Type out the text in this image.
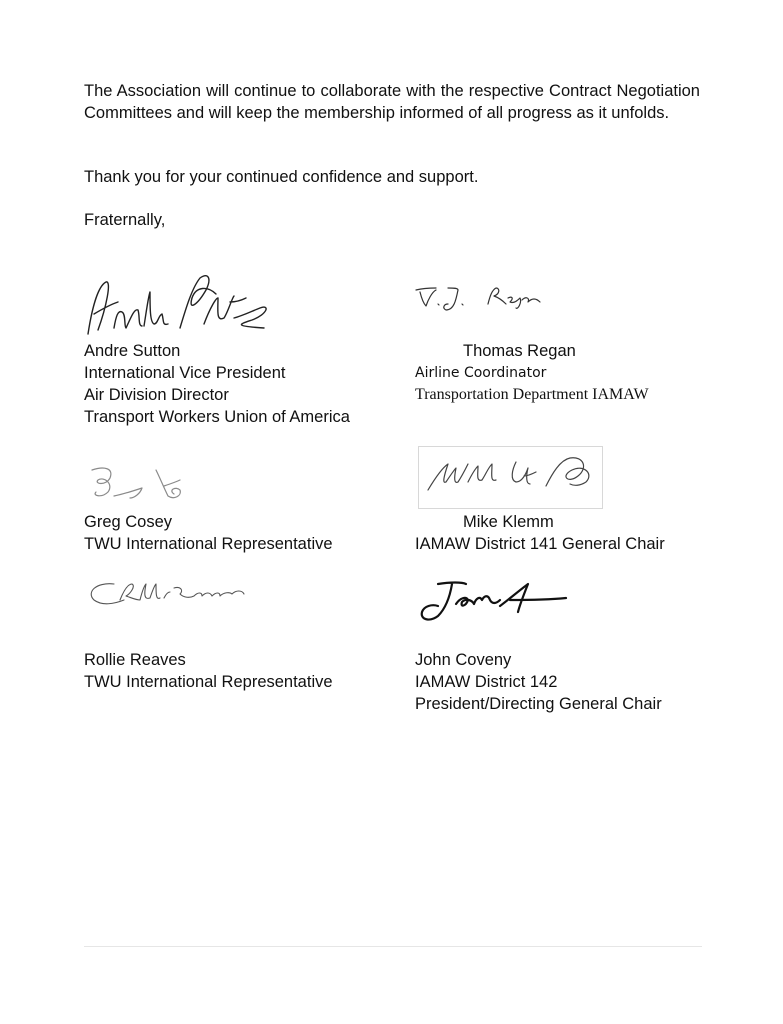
The Association will continue to collaborate with the respective Contract Negotiation Committees and will keep the membership informed of all progress as it unfolds.

Thank you for your continued confidence and support.

Fraternally,

Andre Sutton
International Vice President
Air Division Director
Transport Workers Union of America
Thomas Regan
Airline Coordinator
Transportation Department IAMAW
Greg Cosey
TWU International Representative
Mike Klemm
IAMAW District 141 General Chair
Rollie Reaves
TWU International Representative
John Coveny
IAMAW District 142
President/Directing General Chair
